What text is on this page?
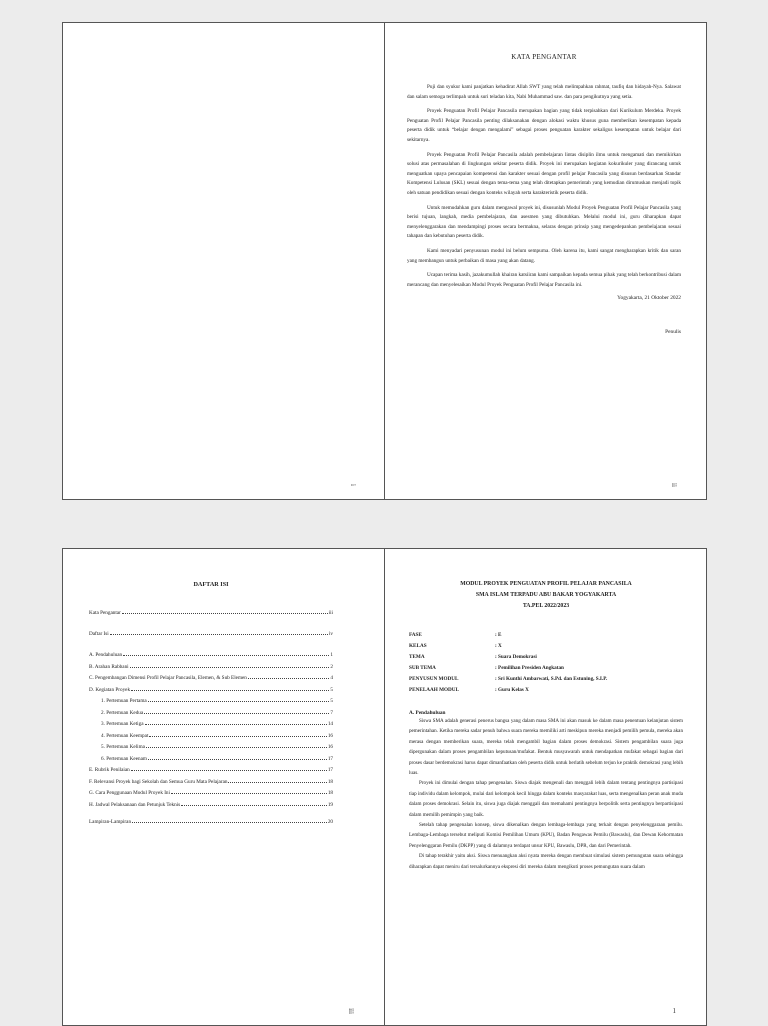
i
KATA PENGANTAR

Puji dan syukur kami panjatkan kehadirat Allah SWT yang telah melimpahkan rahmat, taufiq dan hidayah-Nya. Salawat dan salam semoga terlimpah untuk suri teladan kita, Nabi Muhammad saw. dan para pengikutnya yang setia.

Proyek Penguatan Profil Pelajar Pancasila merupakan bagian yang tidak terpisahkan dari Kurikulum Merdeka. Proyek Penguatan Profil Pelajar Pancasila penting dilaksanakan dengan alokasi waktu khusus guna memberikan kesempatan kepada peserta didik untuk “belajar dengan mengalami” sebagai proses penguatan karakter sekaligus kesempatan untuk belajar dari sekitarnya.

Proyek Penguatan Profil Pelajar Pancasila adalah pembelajaran lintas disiplin ilmu untuk mengamati dan memikirkan solusi atas permasalahan di lingkungan sekitar peserta didik. Proyek ini merupakan kegiatan kokurikuler yang dirancang untuk menguatkan upaya pencapaian kompetensi dan karakter sesuai dengan profil pelajar Pancasila yang disusun berdasarkan Standar Kompetensi Lulusan (SKL) sesuai dengan tema-tema yang telah ditetapkan pemerintah yang kemudian dirumuskan menjadi topik oleh satuan pendidikan sesuai dengan konteks wilayah serta karakteristik peserta didik.

Untuk memudahkan guru dalam mengawal proyek ini, disusunlah Modul Proyek Penguatan Profil Pelajar Pancasila yang berisi tujuan, langkah, media pembelajaran, dan asesmen yang dibutuhkan. Melalui modul ini, guru diharapkan dapat menyelenggarakan dan mendampingi proses secara bermakna, selaras dengan prinsip yang mengedepankan pembelajaran sesuai tahapan dan kebutuhan peserta didik.

Kami menyadari penyusunan modul ini belum sempurna. Oleh karena itu, kami sangat mengharapkan kritik dan saran yang membangun untuk perbaikan di masa yang akan datang.

Ucapan terima kasih, jazakumullah khairan katsiiran kami sampaikan kepada semua pihak yang telah berkontribusi dalam merancang dan menyelesaikan Modul Proyek Penguatan Profil Pelajar Pancasila ini.

Yogyakarta, 21 Oktober 2022
Penulis
ii
DAFTAR ISI
Kata Pengantar	iii
Daftar Isi	iv
A. Pendahuluan	1
B. Arahan Rabbani	2
C. Pengembangan Dimensi Profil Pelajar Pancasila, Elemen, & Sub Elemen	4
D. Kegiatan Proyek	5
1. Pertemuan Pertama	5
2. Pertemuan Kedua	7
3. Pertemuan Ketiga	14
4. Pertemuan Keempat	16
5. Pertemuan Kelima	16
6. Pertemuan Keenam	17
E. Rubrik Penilaian	17
F. Relevansi Proyek bagi Sekolah dan Semua Guru Mata Pelajaran	18
G. Cara Penggunaan Modul Proyek Ini	18
H. Jadwal Pelaksanaan dan Petunjuk Teknis	19
Lampiran-Lampiran	20
iii
MODUL PROYEK PENGUATAN PROFIL PELAJAR PANCASILA
SMA ISLAM TERPADU ABU BAKAR YOGYAKARTA
TA.PEL 2022/2023
FASE	: E
KELAS	: X
TEMA	: Suara Demokrasi
SUB TEMA	: Pemilihan Presiden Angkatan
PENYUSUN MODUL	: Sri Kunthi Ambarwati, S.Pd. dan Estuning, S.I.P.
PENELAAH MODUL	: Guru Kelas X
A. Pendahuluan

Siswa SMA adalah generasi penerus bangsa yang dalam masa SMA ini akan masuk ke dalam masa penentuan kelanjutan sistem pemerintahan. Ketika mereka sadar penuh bahwa suara mereka memiliki arti meskipun mereka menjadi pemilih pemula, mereka akan merasa dengan memberikan suara, mereka telah mengambil bagian dalam proses demokrasi. Sistem pengambilan suara juga dipergunakan dalam proses pengambilan keputusan/mufakat. Bentuk musyawarah untuk mendapatkan mufakat sebagai bagian dari proses dasar berdemokrasi harus dapat dimanfaatkan oleh peserta didik untuk berlatih sebelum terjun ke praktik demokrasi yang lebih luas.

Proyek ini dimulai dengan tahap pengenalan. Siswa diajak mengenali dan menggali lebih dalam tentang pentingnya partisipasi tiap individu dalam kelompok, mulai dari kelompok kecil hingga dalam konteks masyarakat luas, serta mengenalkan peran anak muda dalam proses demokrasi. Selain itu, siswa juga diajak menggali dan memahami pentingnya berpolitik serta pentingnya berpartisipasi dalam memilih pemimpin yang baik.

Setelah tahap pengenalan konsep, siswa dikenalkan dengan lembaga-lembaga yang terkait dengan penyelenggaraan pemilu. Lembaga-Lembaga tersebut meliputi Komisi Pemilihan Umum (KPU), Badan Pengawas Pemilu (Bawaslu), dan Dewan Kehormatan Penyelenggaran Pemilu (DKPP) yang di dalamnya terdapat unsur KPU, Bawaslu, DPR, dan dari Pemerintah.

Di tahap terakhir yaitu aksi. Siswa menuangkan aksi nyata mereka dengan membuat simulasi sistem pemungutan suara sehingga diharapkan dapat meniru dari tersalurkannya ekspresi diri mereka dalam mengikuti proses pemungutan suara dalam

1
